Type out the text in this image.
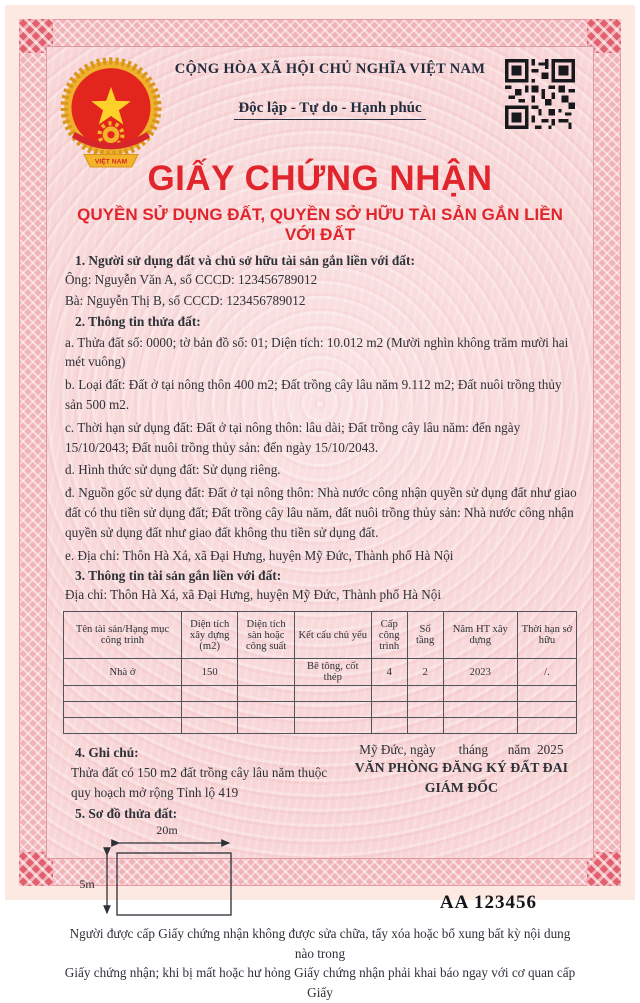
VIỆT NAM
CỘNG HÒA XÃ HỘI CHỦ NGHĨA VIỆT NAM

Độc lập - Tự do - Hạnh phúc
GIẤY CHỨNG NHẬN
QUYỀN SỬ DỤNG ĐẤT, QUYỀN SỞ HỮU TÀI SẢN GẮN LIỀN VỚI ĐẤT
1. Người sử dụng đất và chủ sở hữu tài sản gắn liền với đất:
Ông: Nguyễn Văn A, số CCCD: 123456789012
Bà: Nguyễn Thị B, số CCCD: 123456789012
2. Thông tin thửa đất:
a. Thửa đất số: 0000; tờ bản đồ số: 01; Diện tích: 10.012 m2 (Mười nghìn không trăm mười hai mét vuông)
b. Loại đất: Đất ở tại nông thôn 400 m2; Đất trồng cây lâu năm 9.112 m2; Đất nuôi trồng thủy sản 500 m2.
c. Thời hạn sử dụng đất: Đất ở tại nông thôn: lâu dài; Đất trồng cây lâu năm: đến ngày 15/10/2043; Đất nuôi trồng thủy sản: đến ngày 15/10/2043.
d. Hình thức sử dụng đất: Sử dụng riêng.
đ. Nguồn gốc sử dụng đất: Đất ở tại nông thôn: Nhà nước công nhận quyền sử dụng đất như giao đất có thu tiền sử dụng đất; Đất trồng cây lâu năm, đất nuôi trồng thủy sản: Nhà nước công nhận quyền sử dụng đất như giao đất không thu tiền sử dụng đất.
e. Địa chỉ: Thôn Hà Xá, xã Đại Hưng, huyện Mỹ Đức, Thành phố Hà Nội
3. Thông tin tài sản gắn liền với đất:
Địa chỉ: Thôn Hà Xá, xã Đại Hưng, huyện Mỹ Đức, Thành phố Hà Nội
Tên tài sản/Hạng mục công trình	Diện tích xây dựng (m2)	Diện tích sàn hoặc công suất	Kết cấu chủ yếu	Cấp công trình	Số tầng	Năm HT xây dựng	Thời hạn sở hữu
Nhà ở	150		Bê tông, cốt thép	4	2	2023	/.

4. Ghi chú:
Thửa đất có 150 m2 đất trồng cây lâu năm thuộc quy hoạch mở rộng Tỉnh lộ 419
Mỹ Đức, ngày       tháng      năm  2025
VĂN PHÒNG ĐĂNG KÝ ĐẤT ĐAI
GIÁM ĐỐC
5. Sơ đồ thửa đất:
20m
5m
AA 123456
Người được cấp Giấy chứng nhận không được sửa chữa, tẩy xóa hoặc bổ xung bất kỳ nội dung nào trong
Giấy chứng nhận; khi bị mất hoặc hư hỏng Giấy chứng nhận phải khai báo ngay với cơ quan cấp Giấy
